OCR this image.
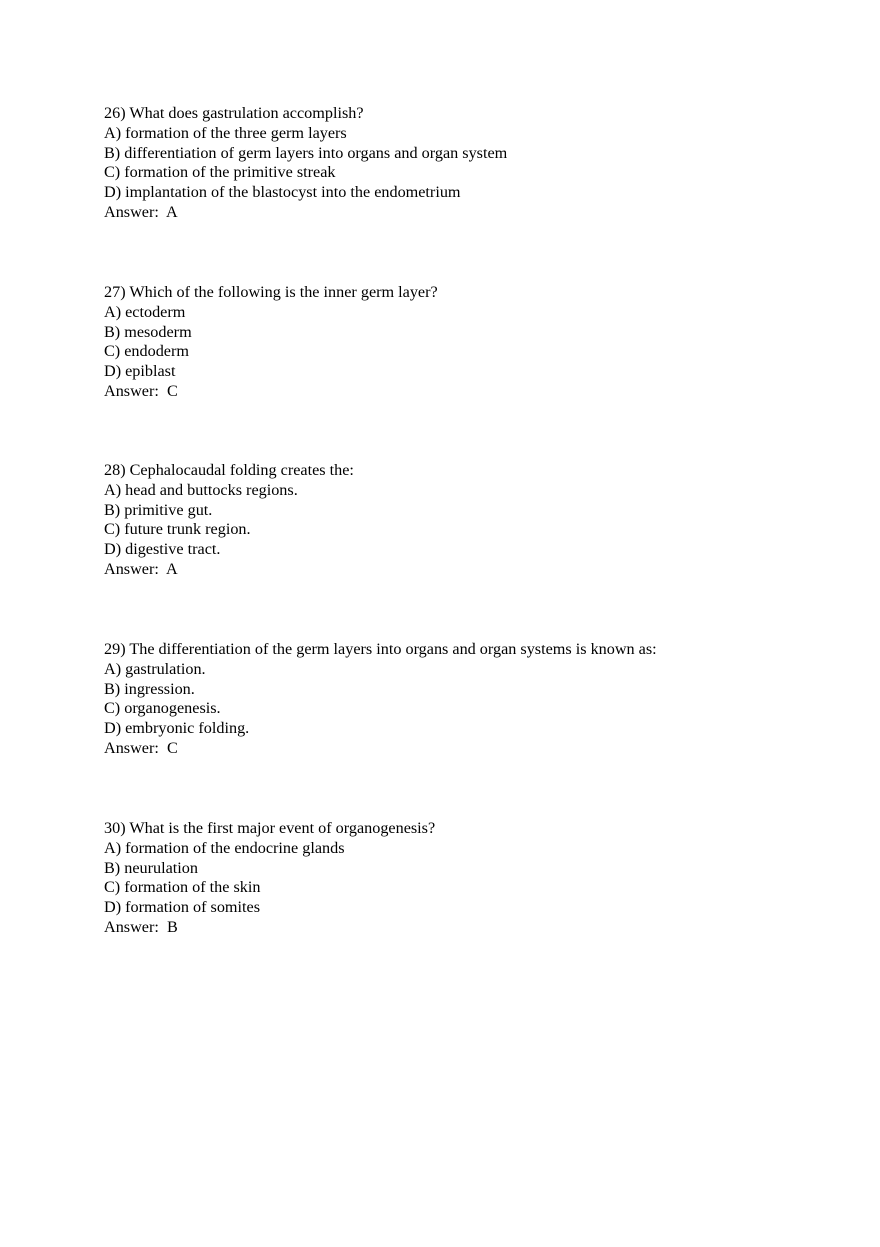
26) What does gastrulation accomplish?
A) formation of the three germ layers
B) differentiation of germ layers into organs and organ system
C) formation of the primitive streak
D) implantation of the blastocyst into the endometrium
Answer:  A
27) Which of the following is the inner germ layer?
A) ectoderm
B) mesoderm
C) endoderm
D) epiblast
Answer:  C
28) Cephalocaudal folding creates the:
A) head and buttocks regions.
B) primitive gut.
C) future trunk region.
D) digestive tract.
Answer:  A
29) The differentiation of the germ layers into organs and organ systems is known as:
A) gastrulation.
B) ingression.
C) organogenesis.
D) embryonic folding.
Answer:  C
30) What is the first major event of organogenesis?
A) formation of the endocrine glands
B) neurulation
C) formation of the skin
D) formation of somites
Answer:  B
